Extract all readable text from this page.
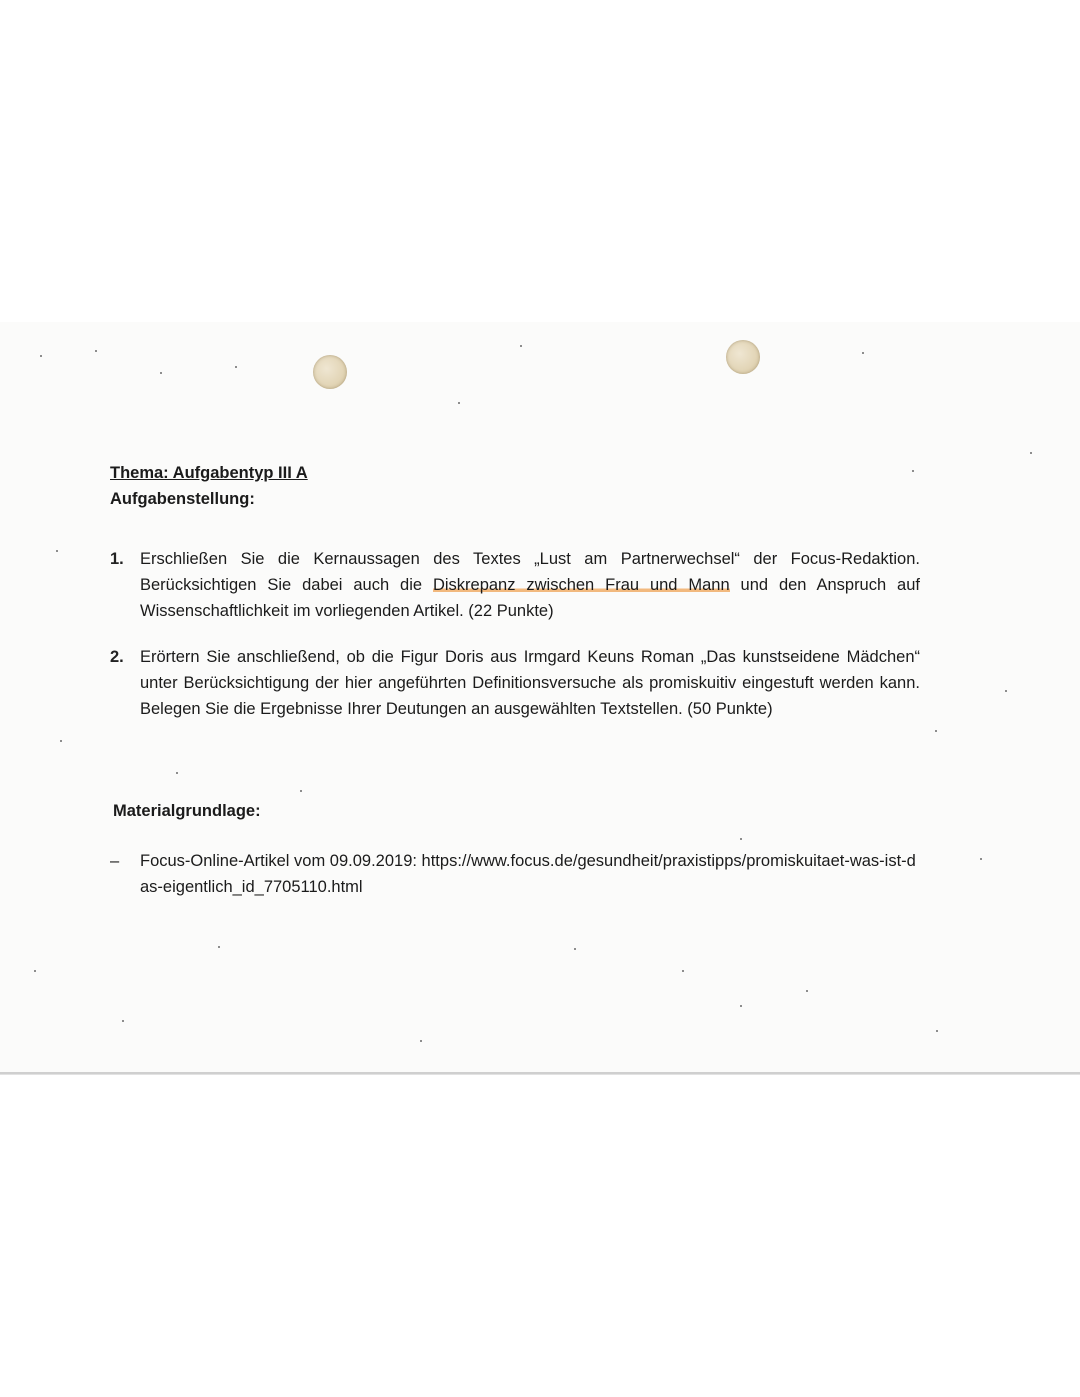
Thema: Aufgabentyp III A

Aufgabenstellung:

1. Erschließen Sie die Kernaussagen des Textes „Lust am Partnerwechsel“ der Focus-Redaktion. Berücksichtigen Sie dabei auch die Diskrepanz zwischen Frau und Mann und den Anspruch auf Wissenschaftlichkeit im vorliegenden Artikel. (22 Punkte)
2. Erörtern Sie anschließend, ob die Figur Doris aus Irmgard Keuns Roman „Das kunstseidene Mädchen“ unter Berücksichtigung der hier angeführten Definitionsversuche als promiskuitiv eingestuft werden kann. Belegen Sie die Ergebnisse Ihrer Deutungen an ausgewählten Textstellen. (50 Punkte)

Materialgrundlage:

–	Focus-Online-Artikel vom 09.09.2019: https://www.focus.de/gesundheit/praxistipps/promiskuitaet-was-ist-das-eigentlich_id_7705110.html
